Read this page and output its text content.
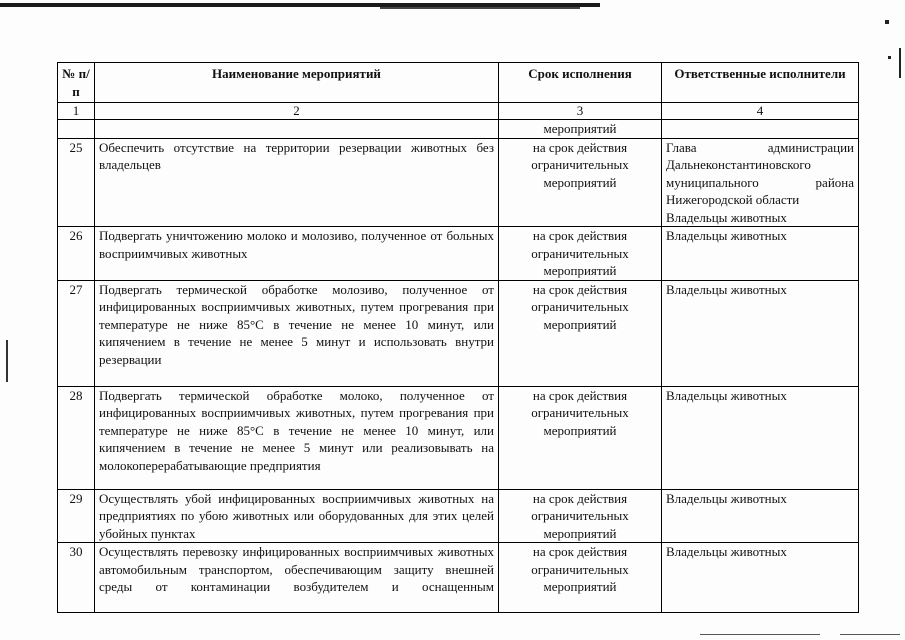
№ п/п	Наименование мероприятий	Срок исполнения	Ответственные исполнители
1	2	3	4
		мероприятий	
25	Обеспечить отсутствие на территории резервации животных без владельцев	на срок действия ограничительных мероприятий	Глава администрации Дальнеконстантиновского муниципального района Нижегородской области
Владельцы животных

26	Подвергать уничтожению молоко и молозиво, полученное от больных восприимчивых животных	на срок действия ограничительных мероприятий	Владельцы животных
27	Подвергать термической обработке молозиво, полученное от инфицированных восприимчивых животных, путем прогревания при температуре не ниже 85°С в течение не менее 10 минут, или кипячением в течение не менее 5 минут и использовать внутри резервации	на срок действия ограничительных мероприятий	Владельцы животных
28	Подвергать термической обработке молоко, полученное от инфицированных восприимчивых животных, путем прогревания при температуре не ниже 85°С в течение не менее 10 минут, или кипячением в течение не менее 5 минут или реализовывать на молокоперерабатывающие предприятия	на срок действия ограничительных мероприятий	Владельцы животных
29	Осуществлять убой инфицированных восприимчивых животных на предприятиях по убою животных или оборудованных для этих целей убойных пунктах	на срок действия ограничительных мероприятий	Владельцы животных
30	Осуществлять перевозку инфицированных восприимчивых животных автомобильным транспортом, обеспечивающим защиту внешней среды от контаминации возбудителем и оснащенным	на срок действия ограничительных мероприятий	Владельцы животных
